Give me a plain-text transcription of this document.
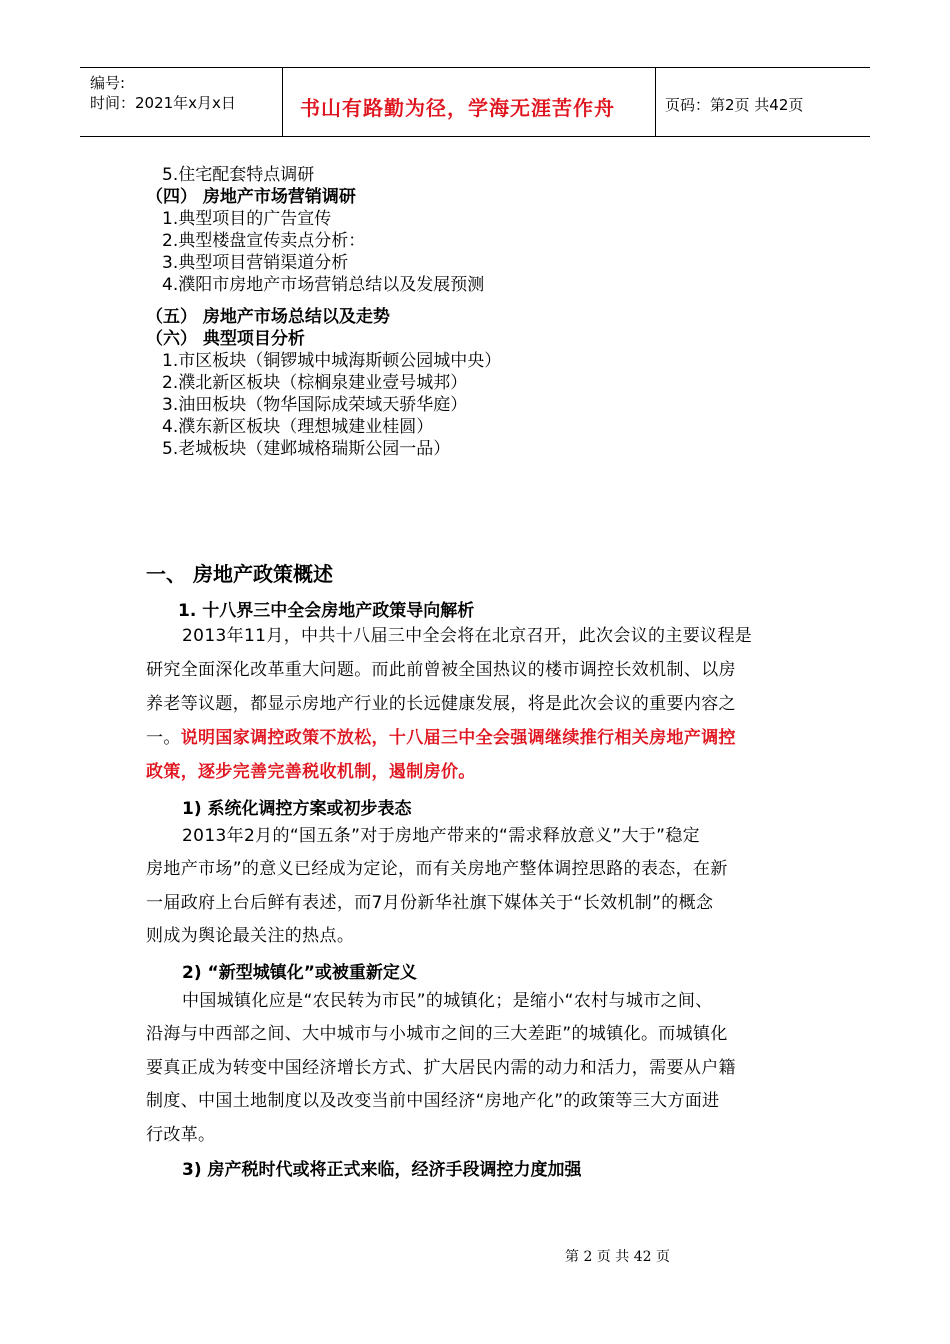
编号:
时间：2021年x月x日	书山有路勤为径，学海无涯苦作舟	页码：第2页 共42页
5.住宅配套特点调研
（四） 房地产市场营销调研
1.典型项目的广告宣传
2.典型楼盘宣传卖点分析：
3.典型项目营销渠道分析
4.濮阳市房地产市场营销总结以及发展预测
（五） 房地产市场总结以及走势
（六） 典型项目分析
1.市区板块（铜锣城中城海斯顿公园城中央）
2.濮北新区板块（棕榈泉建业壹号城邦）
3.油田板块（物华国际成荣域天骄华庭）
4.濮东新区板块（理想城建业桂圆）
5.老城板块（建邺城格瑞斯公园一品）
一、 房地产政策概述
1. 十八界三中全会房地产政策导向解析
2013年11月，中共十八届三中全会将在北京召开，此次会议的主要议程是
研究全面深化改革重大问题。而此前曾被全国热议的楼市调控长效机制、以房
养老等议题，都显示房地产行业的长远健康发展，将是此次会议的重要内容之
一。说明国家调控政策不放松，十八届三中全会强调继续推行相关房地产调控
政策，逐步完善完善税收机制，遏制房价。
1) 系统化调控方案或初步表态
2013年2月的“国五条”对于房地产带来的“需求释放意义”大于”稳定
房地产市场”的意义已经成为定论，而有关房地产整体调控思路的表态，在新
一届政府上台后鲜有表述，而7月份新华社旗下媒体关于“长效机制”的概念
则成为舆论最关注的热点。
2) “新型城镇化”或被重新定义
中国城镇化应是“农民转为市民”的城镇化；是缩小“农村与城市之间、
沿海与中西部之间、大中城市与小城市之间的三大差距”的城镇化。而城镇化
要真正成为转变中国经济增长方式、扩大居民内需的动力和活力，需要从户籍
制度、中国土地制度以及改变当前中国经济“房地产化”的政策等三大方面进
行改革。
3) 房产税时代或将正式来临，经济手段调控力度加强
第 2 页 共 42 页
